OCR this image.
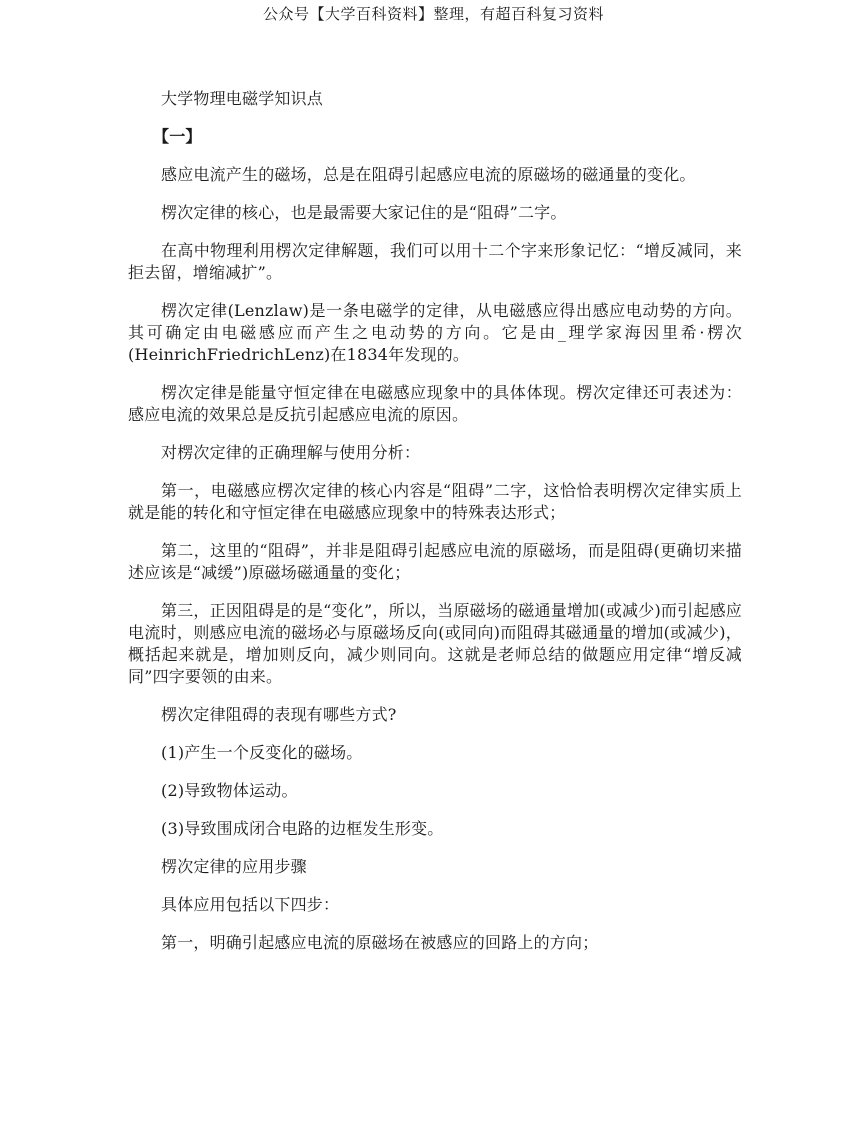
公众号【大学百科资料】整理，有超百科复习资料

大学物理电磁学知识点

【一】

感应电流产生的磁场，总是在阻碍引起感应电流的原磁场的磁通量的变化。

楞次定律的核心，也是最需要大家记住的是“阻碍”二字。

在高中物理利用楞次定律解题，我们可以用十二个字来形象记忆：“增反减同，来拒去留，增缩减扩”。

楞次定律(Lenzlaw)是一条电磁学的定律，从电磁感应得出感应电动势的方向。其可确定由电磁感应而产生之电动势的方向。它是由_理学家海因里希·楞次(HeinrichFriedrichLenz)在1834年发现的。

楞次定律是能量守恒定律在电磁感应现象中的具体体现。楞次定律还可表述为：感应电流的效果总是反抗引起感应电流的原因。

对楞次定律的正确理解与使用分析：

第一，电磁感应楞次定律的核心内容是“阻碍”二字，这恰恰表明楞次定律实质上就是能的转化和守恒定律在电磁感应现象中的特殊表达形式；

第二，这里的“阻碍”，并非是阻碍引起感应电流的原磁场，而是阻碍(更确切来描述应该是“减缓”)原磁场磁通量的变化；

第三，正因阻碍是的是“变化”，所以，当原磁场的磁通量增加(或减少)而引起感应电流时，则感应电流的磁场必与原磁场反向(或同向)而阻碍其磁通量的增加(或减少)，概括起来就是，增加则反向，减少则同向。这就是老师总结的做题应用定律“增反减同”四字要领的由来。

楞次定律阻碍的表现有哪些方式?

(1)产生一个反变化的磁场。

(2)导致物体运动。

(3)导致围成闭合电路的边框发生形变。

楞次定律的应用步骤

具体应用包括以下四步：

第一，明确引起感应电流的原磁场在被感应的回路上的方向；
